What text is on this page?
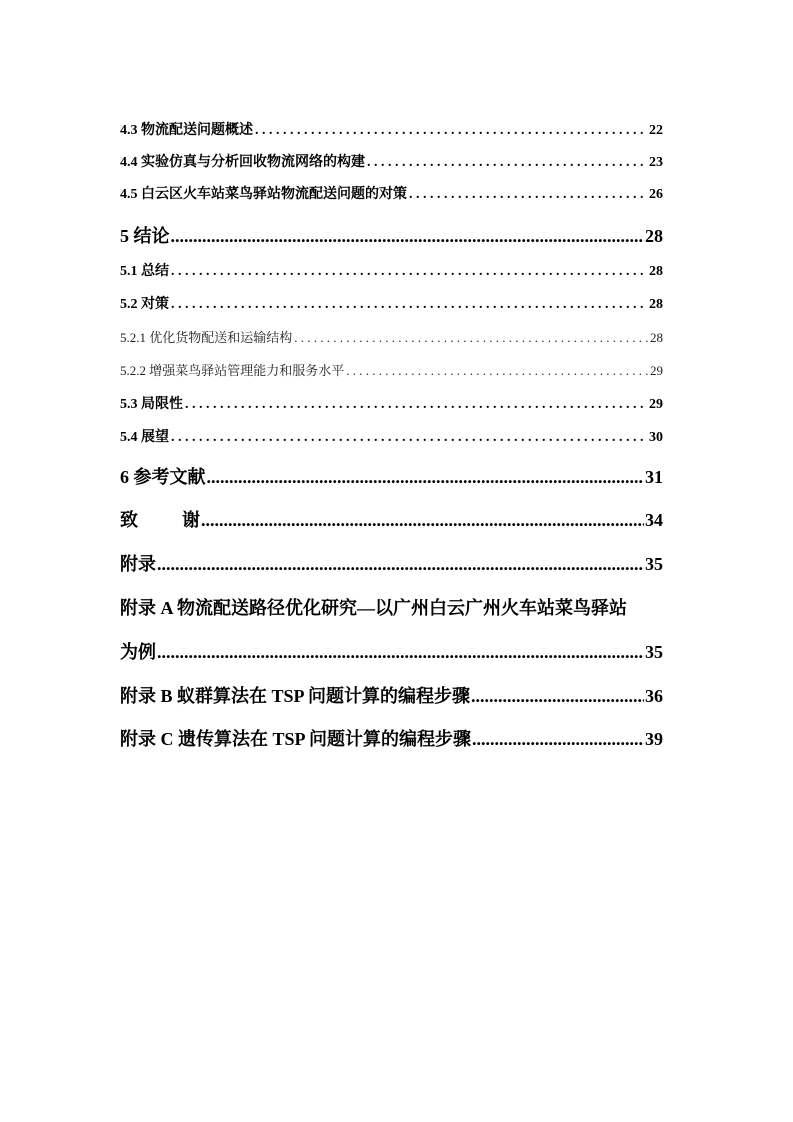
4.3 物流配送问题概述 . . .	22
4.4 实验仿真与分析回收物流网络的构建 . . .	23
4.5 白云区火车站菜鸟驿站物流配送问题的对策 . . .	26
5 结论 .....	28
5.1 总结 . . .	28
5.2 对策 . . .	28
5.2.1 优化货物配送和运输结构 . . .	28
5.2.2 增强菜鸟驿站管理能力和服务水平 . . .	29
5.3 局限性 . . .	29
5.4 展望 . . .	30
6 参考文献 .....	31
致 谢 .....	34
附录 .....	35
附录 A 物流配送路径优化研究—以广州白云广州火车站菜鸟驿站
为例 .....	35
附录 B 蚁群算法在 TSP 问题计算的编程步骤 .....	36
附录 C 遗传算法在 TSP 问题计算的编程步骤 .....	39
